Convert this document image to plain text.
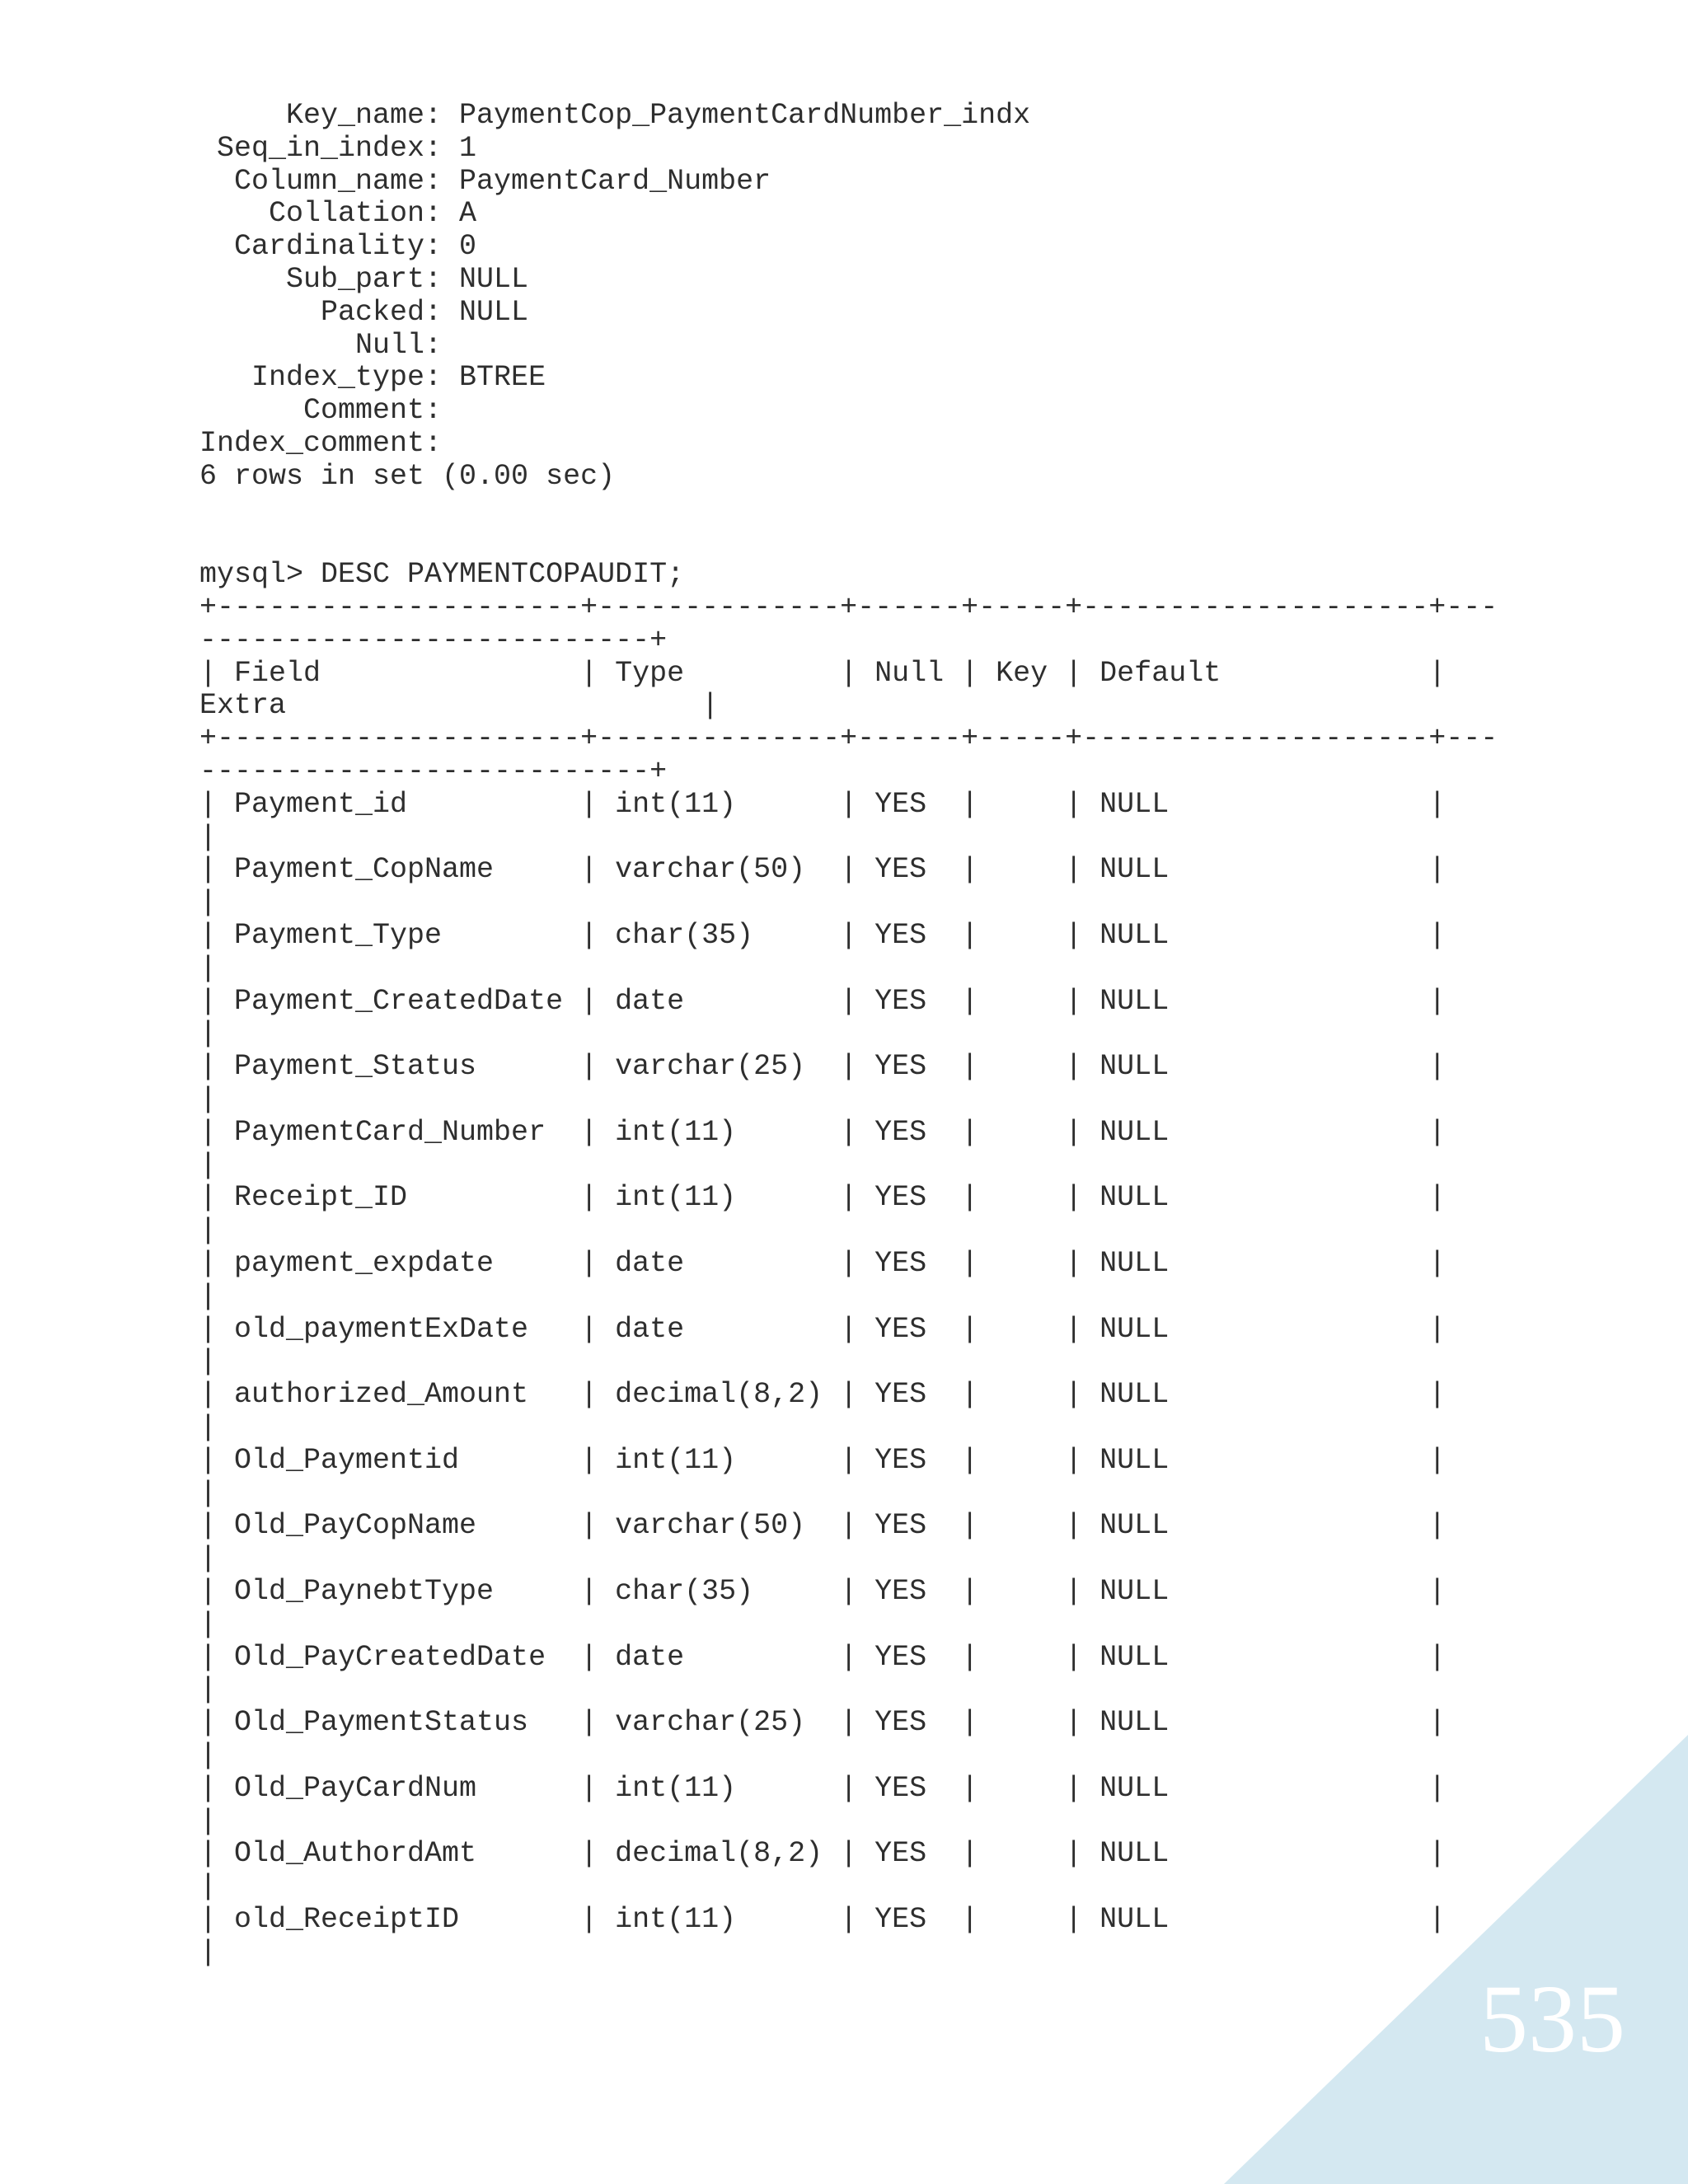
Key_name: PaymentCop_PaymentCardNumber_indx
Seq_in_index: 1
Column_name: PaymentCard_Number
Collation: A
Cardinality: 0
Sub_part: NULL
Packed: NULL
Null:
Index_type: BTREE
Comment:
Index_comment:
6 rows in set (0.00 sec)
mysql> DESC PAYMENTCOPAUDIT;
+---------------------+--------------+------+-----+--------------------+---
--------------------------+
| Field               | Type         | Null | Key | Default            |
Extra                        |
+---------------------+--------------+------+-----+--------------------+---
--------------------------+
| Payment_id          | int(11)      | YES  |     | NULL               |
|
| Payment_CopName     | varchar(50)  | YES  |     | NULL               |
|
| Payment_Type        | char(35)     | YES  |     | NULL               |
|
| Payment_CreatedDate | date         | YES  |     | NULL               |
|
| Payment_Status      | varchar(25)  | YES  |     | NULL               |
|
| PaymentCard_Number  | int(11)      | YES  |     | NULL               |
|
| Receipt_ID          | int(11)      | YES  |     | NULL               |
|
| payment_expdate     | date         | YES  |     | NULL               |
|
| old_paymentExDate   | date         | YES  |     | NULL               |
|
| authorized_Amount   | decimal(8,2) | YES  |     | NULL               |
|
| Old_Paymentid       | int(11)      | YES  |     | NULL               |
|
| Old_PayCopName      | varchar(50)  | YES  |     | NULL               |
|
| Old_PaynebtType     | char(35)     | YES  |     | NULL               |
|
| Old_PayCreatedDate  | date         | YES  |     | NULL               |
|
| Old_PaymentStatus   | varchar(25)  | YES  |     | NULL               |
|
| Old_PayCardNum      | int(11)      | YES  |     | NULL               |
|
| Old_AuthordAmt      | decimal(8,2) | YES  |     | NULL               |
|
| old_ReceiptID       | int(11)      | YES  |     | NULL               |
|
535
